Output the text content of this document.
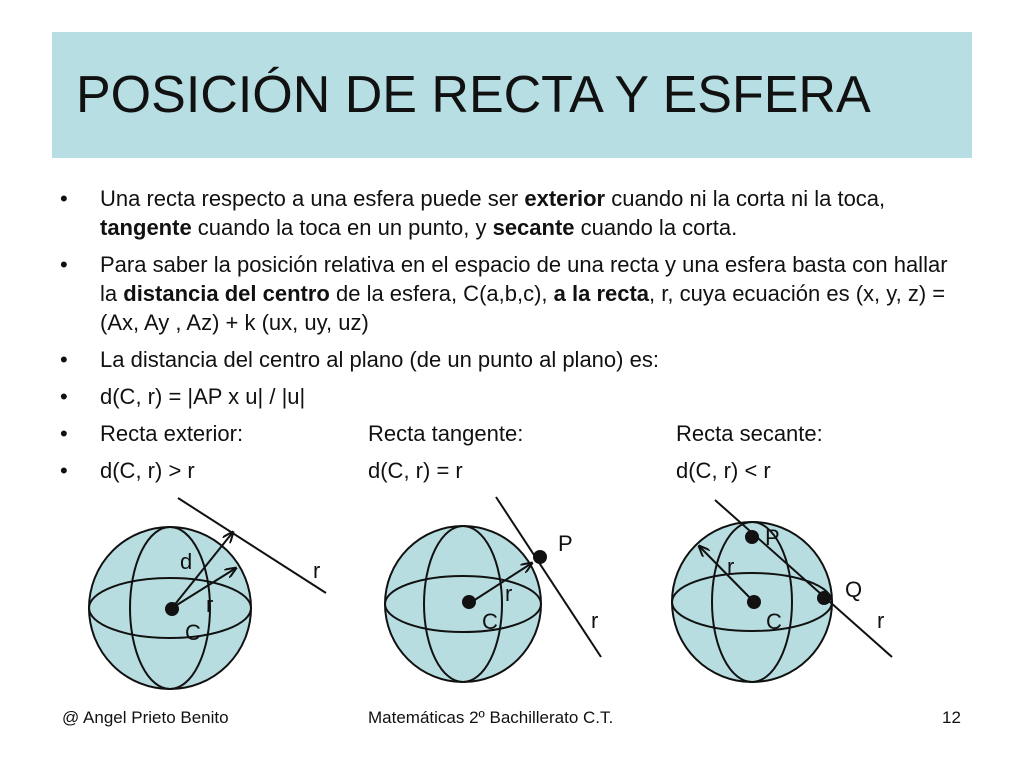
POSICIÓN DE RECTA Y ESFERA
• Una recta respecto a una esfera puede ser exterior cuando ni la corta ni la toca, tangente cuando la toca en un punto, y secante cuando la corta.
• Para saber la posición relativa en el espacio de una recta y una esfera basta con hallar la distancia del centro de la esfera, C(a,b,c), a la recta, r, cuya ecuación es (x, y, z) = (Ax, Ay , Az) + k (ux, uy, uz)
• La distancia del centro al plano (de un punto al plano) es:
• d(C, r) = |AP x u| / |u|
• Recta exterior:	Recta tangente:	Recta secante:
• d(C, r) > r	d(C, r) = r	d(C, r) < r
d
r
r
C
P
r
r
C
P
Q
r
r
C
@ Angel Prieto Benito	Matemáticas 2º Bachillerato C.T.	12
